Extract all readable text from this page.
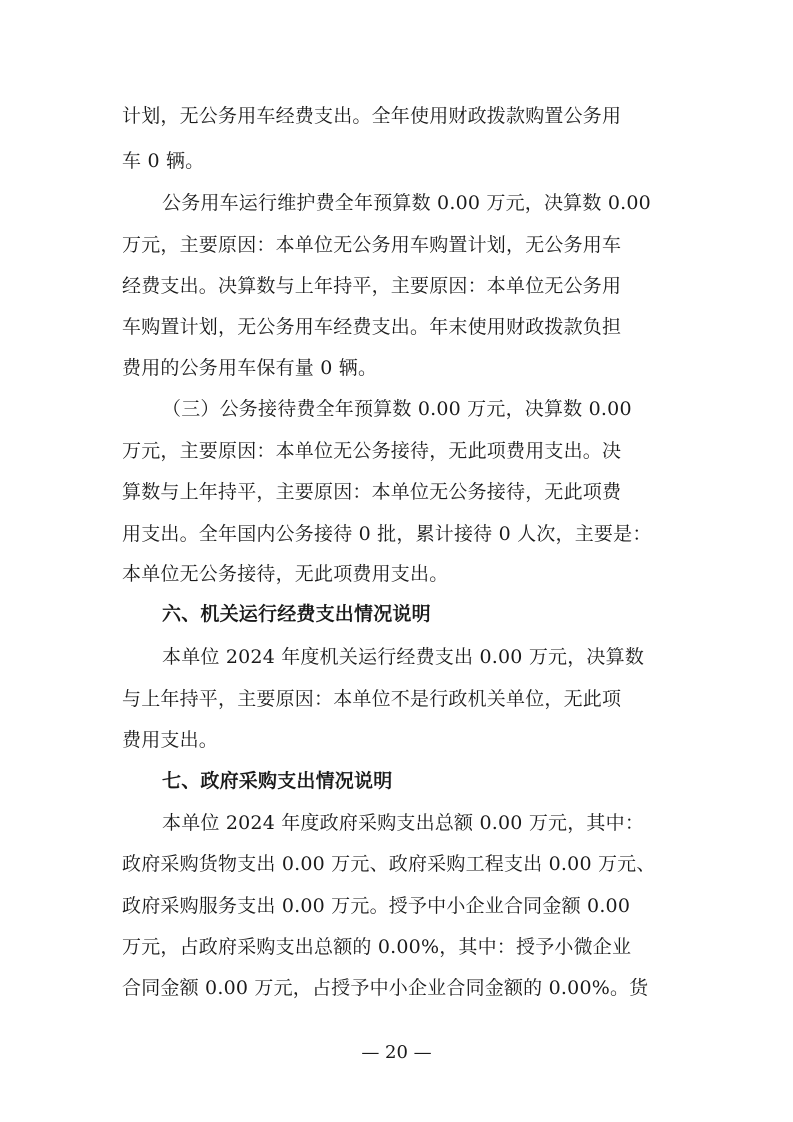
计划，无公务用车经费支出。全年使用财政拨款购置公务用
车 0 辆。
公务用车运行维护费全年预算数 0.00 万元，决算数 0.00
万元，主要原因：本单位无公务用车购置计划，无公务用车
经费支出。决算数与上年持平，主要原因：本单位无公务用
车购置计划，无公务用车经费支出。年末使用财政拨款负担
费用的公务用车保有量 0 辆。
（三）公务接待费全年预算数 0.00 万元，决算数 0.00
万元，主要原因：本单位无公务接待，无此项费用支出。决
算数与上年持平，主要原因：本单位无公务接待，无此项费
用支出。全年国内公务接待 0 批，累计接待 0 人次，主要是：
本单位无公务接待，无此项费用支出。
六、机关运行经费支出情况说明
本单位 2024 年度机关运行经费支出 0.00 万元，决算数
与上年持平，主要原因：本单位不是行政机关单位，无此项
费用支出。
七、政府采购支出情况说明
本单位 2024 年度政府采购支出总额 0.00 万元，其中：
政府采购货物支出 0.00 万元、政府采购工程支出 0.00 万元、
政府采购服务支出 0.00 万元。授予中小企业合同金额 0.00
万元，占政府采购支出总额的 0.00%，其中：授予小微企业
合同金额 0.00 万元，占授予中小企业合同金额的 0.00%。货
— 20 —
